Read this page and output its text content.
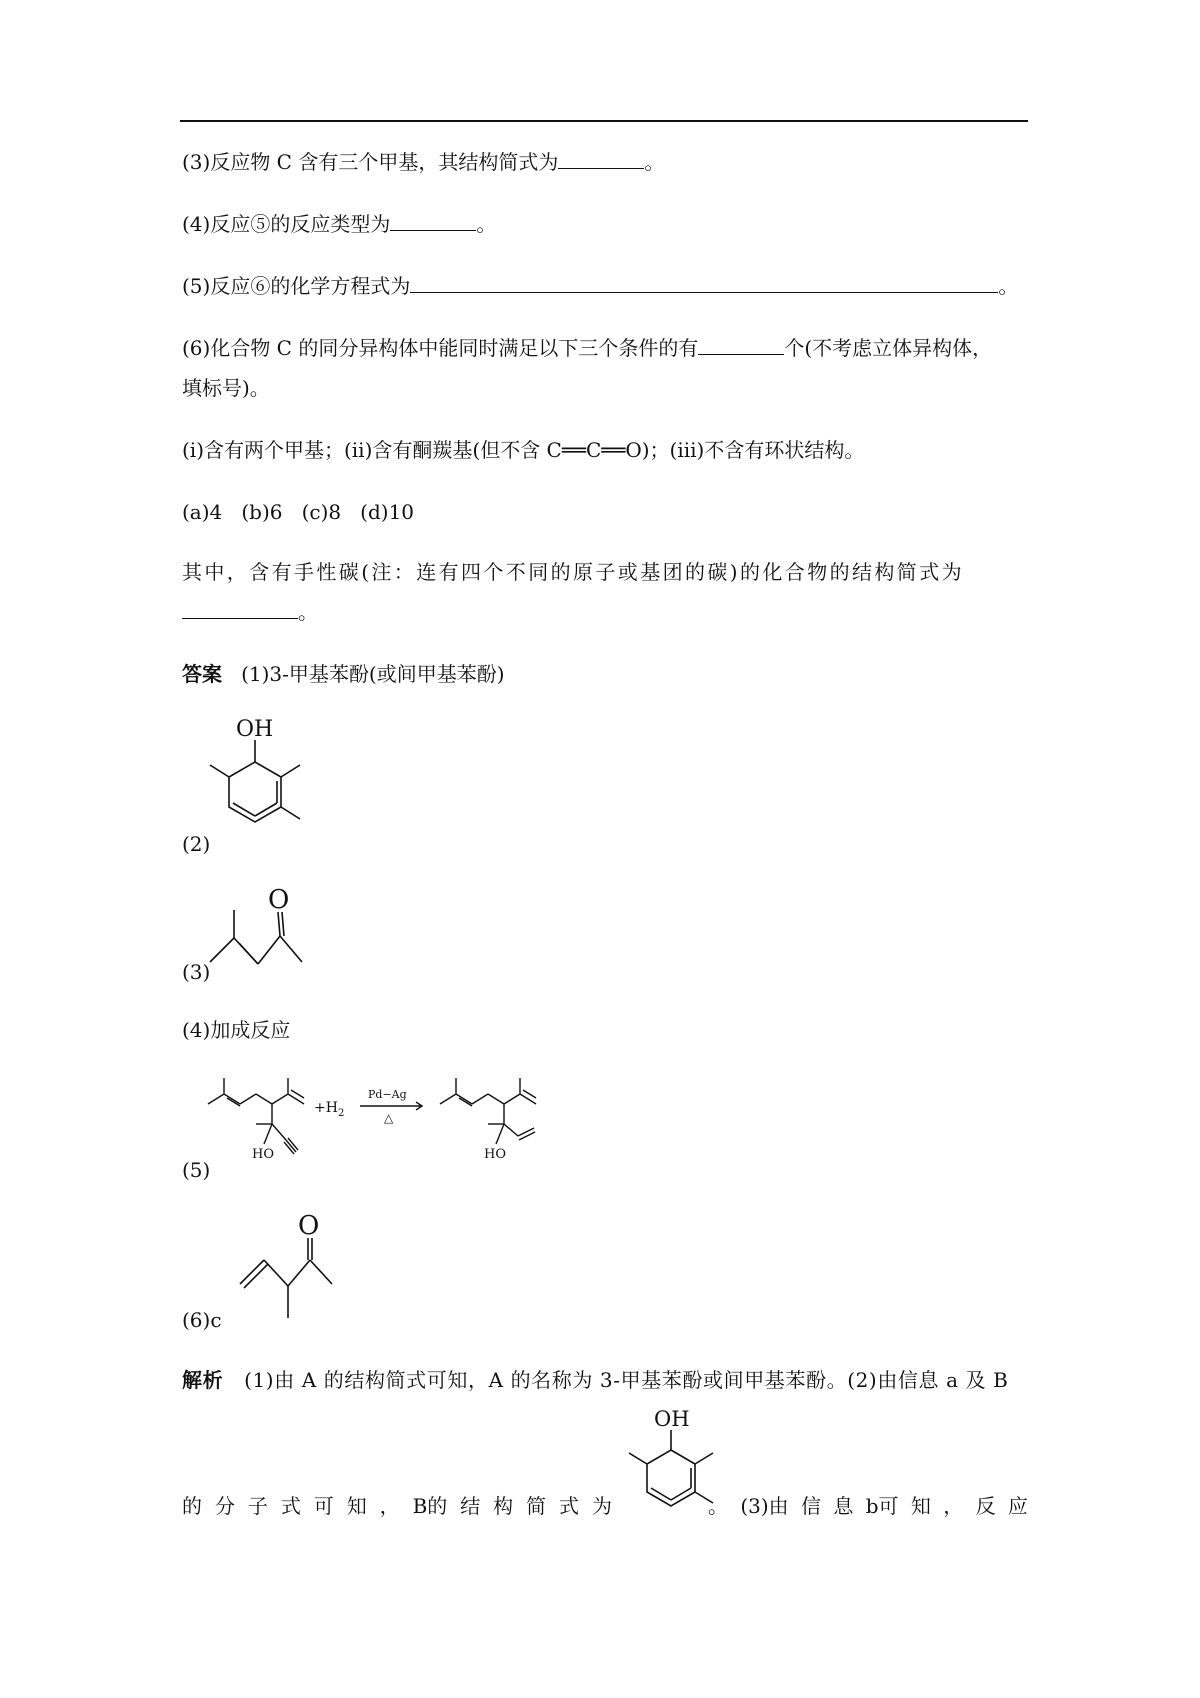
(3)反应物 C 含有三个甲基，其结构简式为	。
(4)反应⑤的反应类型为	。
(5)反应⑥的化学方程式为	。
(6)化合物 C 的同分异构体中能同时满足以下三个条件的有	个(不考虑立体异构体，
填标号)。
(ⅰ)含有两个甲基；(ⅱ)含有酮羰基(但不含 C══C══O)；(ⅲ)不含有环状结构。
(a)4 (b)6 (c)8 (d)10
其中，含有手性碳(注：连有四个不同的原子或基团的碳)的化合物的结构简式为
。
答案 (1)3-甲基苯酚(或间甲基苯酚)
OH
(2)
O
(3)
(4)加成反应
$+H_2$
Pd−Ag
△
HO	HO
(5)
O
(6)c
解析 (1)由 A 的结构简式可知，A 的名称为 3-甲基苯酚或间甲基苯酚。(2)由信息 a 及 B
OH
的 分 子 式 可 知 ， B的 结 构 简 式 为	。 (3)由 信 息 b可 知 ， 反 应
